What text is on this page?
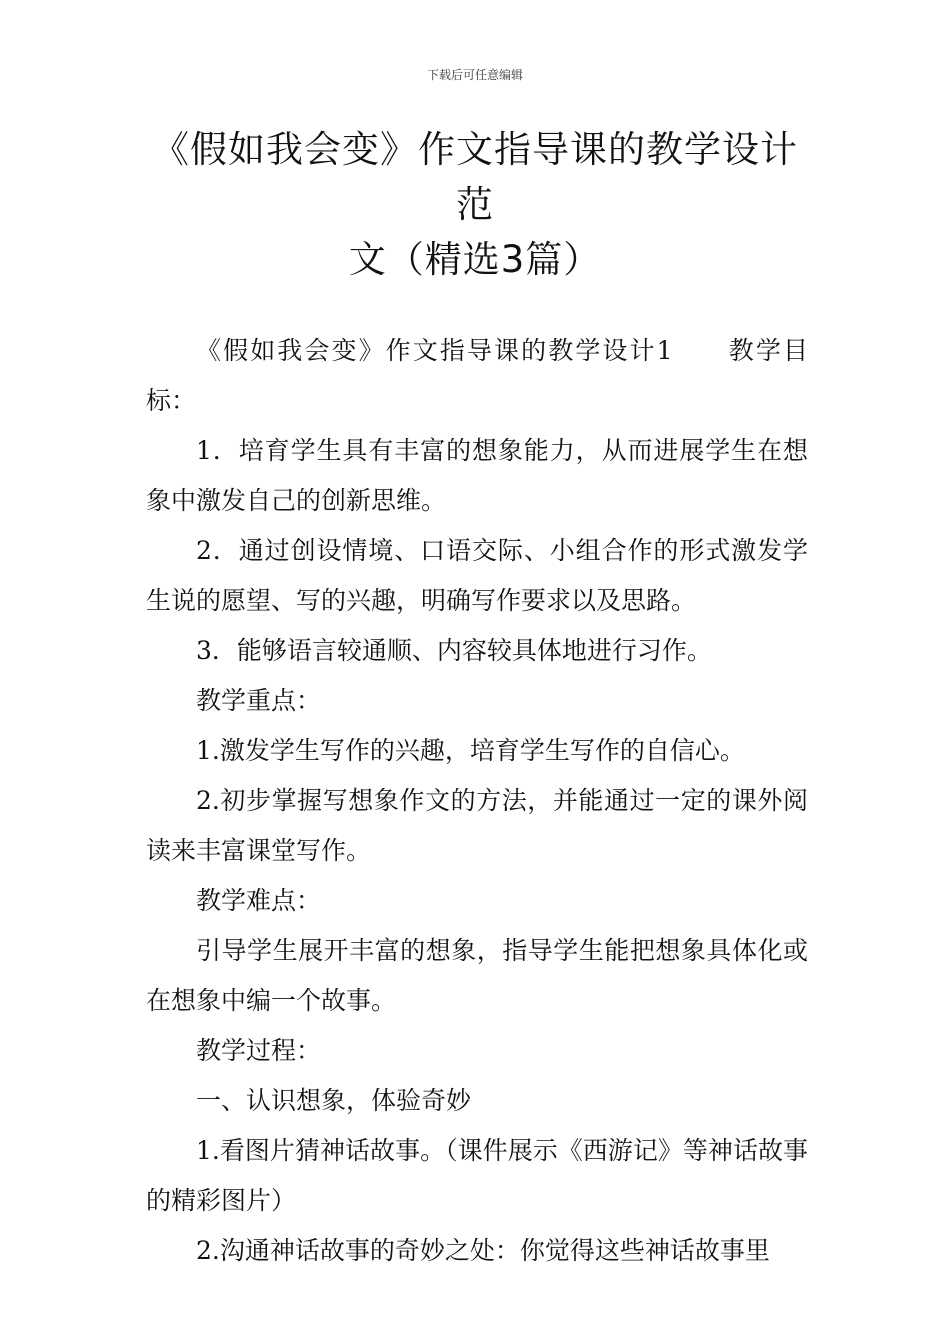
下载后可任意编辑
《假如我会变》作文指导课的教学设计范
文（精选3篇）

《假如我会变》作文指导课的教学设计1　　教学目标：

1．培育学生具有丰富的想象能力，从而进展学生在想象中激发自己的创新思维。

2．通过创设情境、口语交际、小组合作的形式激发学生说的愿望、写的兴趣，明确写作要求以及思路。

3．能够语言较通顺、内容较具体地进行习作。

教学重点：

1.激发学生写作的兴趣，培育学生写作的自信心。

2.初步掌握写想象作文的方法，并能通过一定的课外阅读来丰富课堂写作。

教学难点：

引导学生展开丰富的想象，指导学生能把想象具体化或在想象中编一个故事。

教学过程：

一、认识想象，体验奇妙

1.看图片猜神话故事。（课件展示《西游记》等神话故事的精彩图片）

2.沟通神话故事的奇妙之处：你觉得这些神话故事里
